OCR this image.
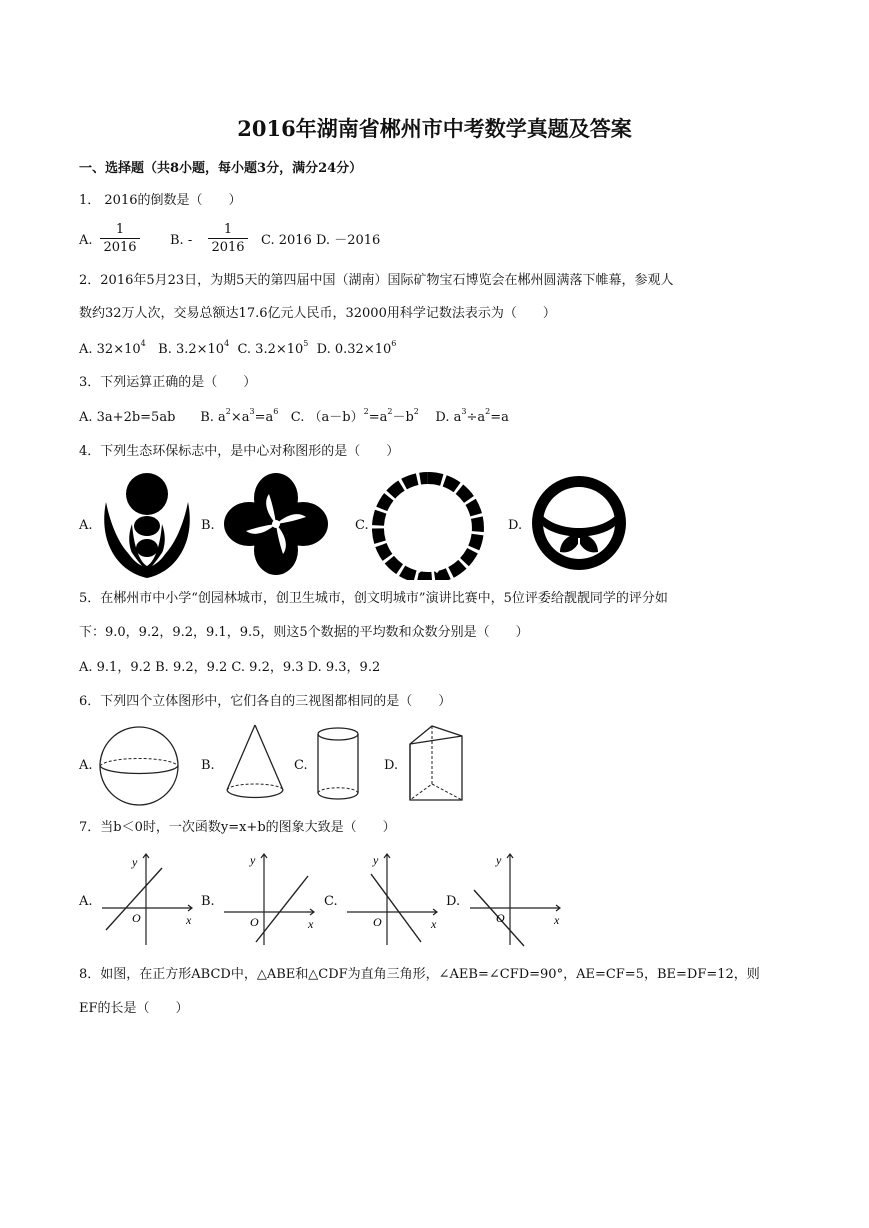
2016年湖南省郴州市中考数学真题及答案
一、选择题（共8小题，每小题3分，满分24分）
1． 2016的倒数是（　　）
A.
1
2016	B. -
1
2016 C. 2016 D. －2016
2．2016年5月23日，为期5天的第四届中国（湖南）国际矿物宝石博览会在郴州圆满落下帷幕，参观人
数约32万人次，交易总额达17.6亿元人民币，32000用科学记数法表示为（　　）
A. $32\times 10^4$ B. $3.2\times 10^4$ C. $3.2\times 10^5$ D. $0.32\times 10^6$
3．下列运算正确的是（　　）
A. 3a+2b=5ab B. $a^2\times a^3=a^6$ C. $(a-b)^2=a^2-b^2$ D. $a^3\div a^2=a$
4．下列生态环保标志中，是中心对称图形的是（　　）
A.	B.	C.	D.
5．在郴州市中小学“创园林城市，创卫生城市，创文明城市”演讲比赛中，5位评委给靓靓同学的评分如
下：9.0，9.2，9.2，9.1，9.5，则这5个数据的平均数和众数分别是（　　）
A. 9.1，9.2 B. 9.2，9.2 C. 9.2，9.3 D. 9.3，9.2
6．下列四个立体图形中，它们各自的三视图都相同的是（　　）
A.	B.	C.	D.
7．当b＜0时，一次函数y=x+b的图象大致是（　　）
A.	B.	C.	D.
y
x
O
y
x
O
y
x
O
y
x
O
8．如图，在正方形ABCD中，△ABE和△CDF为直角三角形，∠AEB=∠CFD=90°，AE=CF=5，BE=DF=12，则
EF的长是（　　）
